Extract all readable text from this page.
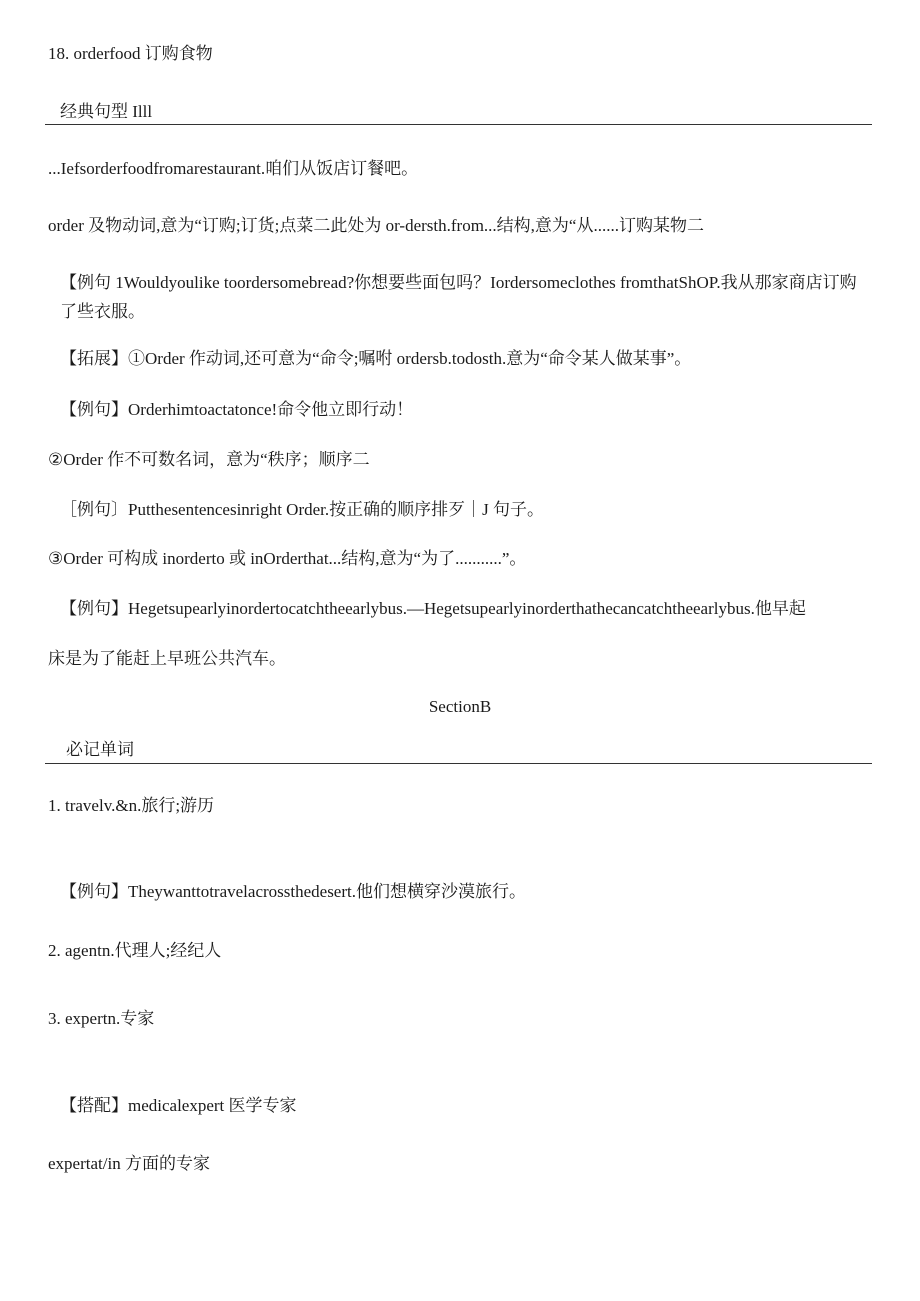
18. orderfood 订购食物
经典句型 Illl
...Iefsorderfoodfromarestaurant.咱们从饭店订餐吧。
order 及物动词,意为“订购;订货;点菜二此处为 or-dersth.from...结构,意为“从......订购某物二
【例句 1Wouldyoulike toordersomebread?你想要些面包吗？Iordersomeclothes fromthatShOP.我从那家商店订购了些衣服。
【拓展】①Order 作动词,还可意为“命令;嘱咐 ordersb.todosth.意为“命令某人做某事”。
【例句】Orderhimtoactatonce!命令他立即行动！
②Order 作不可数名词，意为“秩序；顺序二
［例句〕Putthesentencesinright Order.按正确的顺序排歹｜J 句子。
③Order 可构成 inorderto 或 inOrderthat...结构,意为“为了...........”。
【例句】Hegetsupearlyinordertocatchtheearlybus.—Hegetsupearlyinorderthathecancatchtheearlybus.他早起
床是为了能赶上早班公共汽车。
SectionB
必记单词
1. travelv.&n.旅行;游历
【例句】Theywanttotravelacrossthedesert.他们想横穿沙漠旅行。
2. agentn.代理人;经纪人
3. expertn.专家
【搭配】medicalexpert 医学专家
expertat/in 方面的专家
